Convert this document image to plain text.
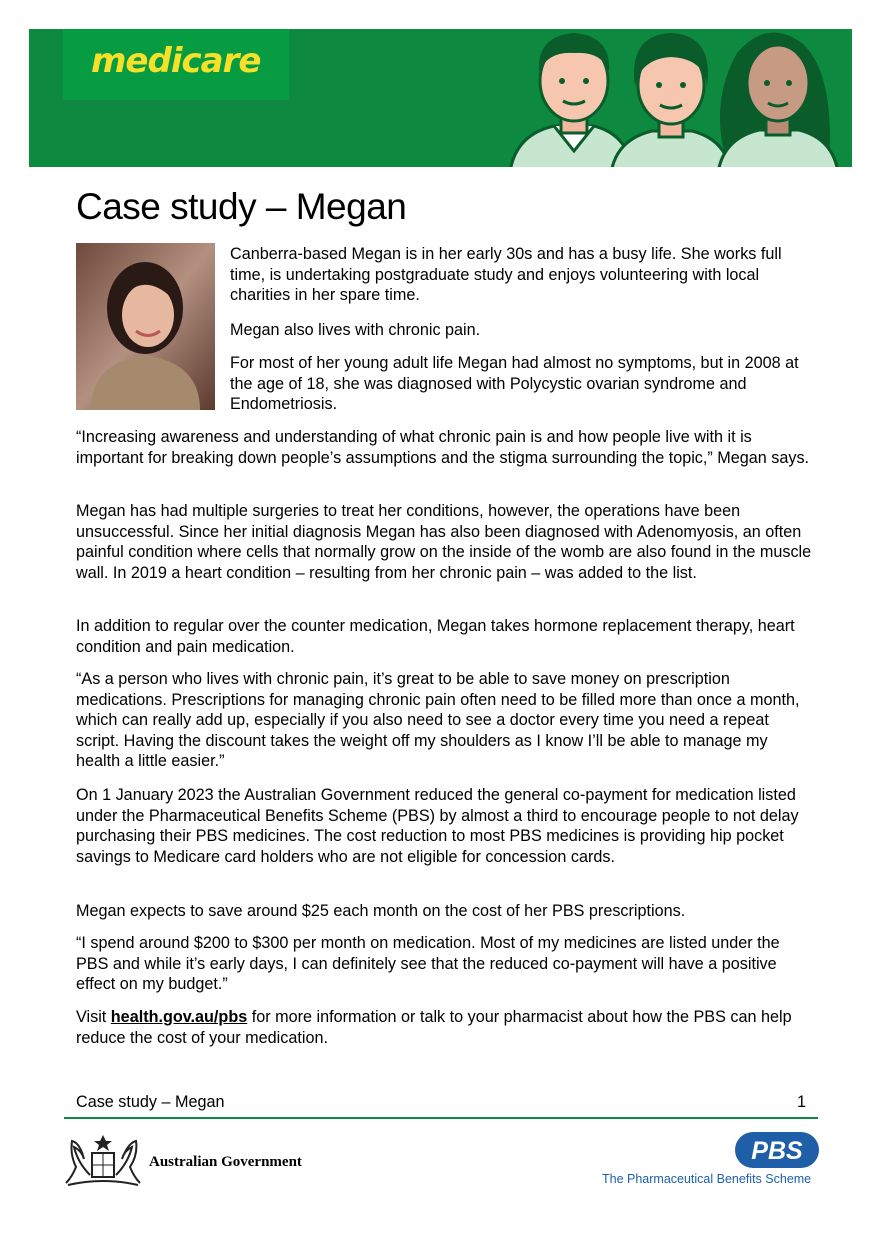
medicare
Case study – Megan

Canberra-based Megan is in her early 30s and has a busy life. She works full time, is undertaking postgraduate study and enjoys volunteering with local charities in her spare time.

Megan also lives with chronic pain.

For most of her young adult life Megan had almost no symptoms, but in 2008 at the age of 18, she was diagnosed with Polycystic ovarian syndrome and Endometriosis.

“Increasing awareness and understanding of what chronic pain is and how people live with it is important for breaking down people’s assumptions and the stigma surrounding the topic,” Megan says.

Megan has had multiple surgeries to treat her conditions, however, the operations have been unsuccessful. Since her initial diagnosis Megan has also been diagnosed with Adenomyosis, an often painful condition where cells that normally grow on the inside of the womb are also found in the muscle wall. In 2019 a heart condition – resulting from her chronic pain – was added to the list.

In addition to regular over the counter medication, Megan takes hormone replacement therapy, heart condition and pain medication.

“As a person who lives with chronic pain, it’s great to be able to save money on prescription medications. Prescriptions for managing chronic pain often need to be filled more than once a month, which can really add up, especially if you also need to see a doctor every time you need a repeat script. Having the discount takes the weight off my shoulders as I know I’ll be able to manage my health a little easier.”

On 1 January 2023 the Australian Government reduced the general co-payment for medication listed under the Pharmaceutical Benefits Scheme (PBS) by almost a third to encourage people to not delay purchasing their PBS medicines. The cost reduction to most PBS medicines is providing hip pocket savings to Medicare card holders who are not eligible for concession cards.

Megan expects to save around $25 each month on the cost of her PBS prescriptions.

“I spend around $200 to $300 per month on medication. Most of my medicines are listed under the PBS and while it’s early days, I can definitely see that the reduced co-payment will have a positive effect on my budget.”

Visit health.gov.au/pbs for more information or talk to your pharmacist about how the PBS can help reduce the cost of your medication.

Case study – Megan	1
Australian Government	PBS
The Pharmaceutical Benefits Scheme
